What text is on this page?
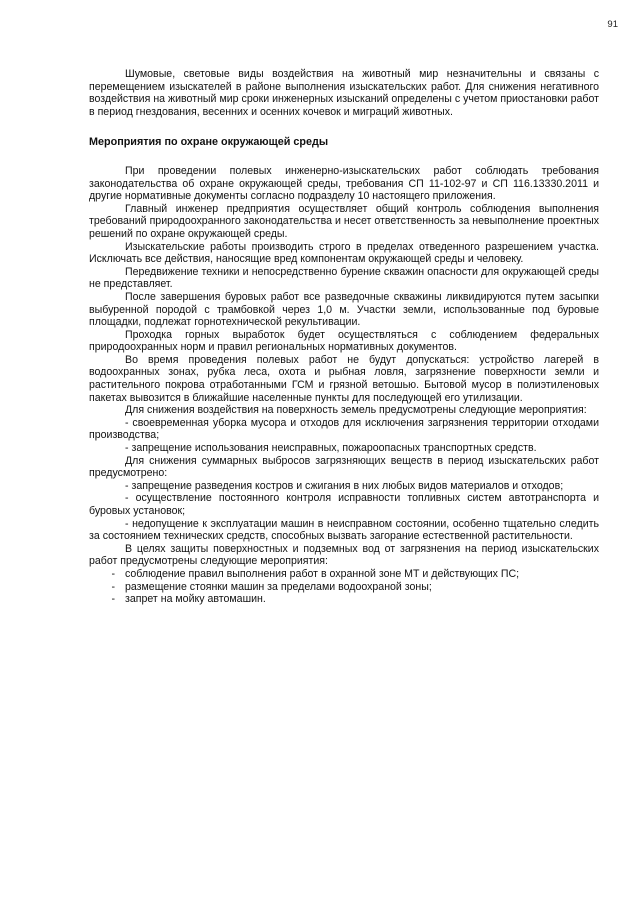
91

Шумовые, световые виды воздействия на животный мир незначительны и связаны с перемещением изыскателей в районе выполнения изыскательских работ. Для снижения негативного воздействия на животный мир сроки инженерных изысканий определены с учетом приостановки работ в период гнездования, весенних и осенних кочевок и миграций животных.

Мероприятия по охране окружающей среды

При проведении полевых инженерно-изыскательских работ соблюдать требования законодательства об охране окружающей среды, требования СП 11-102-97 и СП 116.13330.2011 и другие нормативные документы согласно подразделу 10 настоящего приложения.

Главный инженер предприятия осуществляет общий контроль соблюдения выполнения требований природоохранного законодательства и несет ответственность за невыполнение проектных решений по охране окружающей среды.

Изыскательские работы производить строго в пределах отведенного разрешением участка. Исключать все действия, наносящие вред компонентам окружающей среды и человеку.

Передвижение техники и непосредственно бурение скважин опасности для окружающей среды не представляет.

После завершения буровых работ все разведочные скважины ликвидируются путем засыпки выбуренной породой с трамбовкой через 1,0 м. Участки земли, использованные под буровые площадки, подлежат горнотехнической рекультивации.

Проходка горных выработок будет осуществляться с соблюдением федеральных природоохранных норм и правил региональных нормативных документов.

Во время проведения полевых работ не будут допускаться: устройство лагерей в водоохранных зонах, рубка леса, охота и рыбная ловля, загрязнение поверхности земли и растительного покрова отработанными ГСМ и грязной ветошью. Бытовой мусор в полиэтиленовых пакетах вывозится в ближайшие населенные пункты для последующей его утилизации.

Для снижения воздействия на поверхность земель предусмотрены следующие мероприятия:

- своевременная уборка мусора и отходов для исключения загрязнения территории отходами производства;

- запрещение использования неисправных, пожароопасных транспортных средств.

Для снижения суммарных выбросов загрязняющих веществ в период изыскательских работ предусмотрено:

- запрещение разведения костров и сжигания в них любых видов материалов и отходов;

- осуществление постоянного контроля исправности топливных систем автотранспорта и буровых установок;

- недопущение к эксплуатации машин в неисправном состоянии, особенно тщательно следить за состоянием технических средств, способных вызвать загорание естественной растительности.

В целях защиты поверхностных и подземных вод от загрязнения на период изыскательских работ предусмотрены следующие мероприятия:

- соблюдение правил выполнения работ в охранной зоне МТ и действующих ПС;
- размещение стоянки машин за пределами водоохраной зоны;
- запрет на мойку автомашин.
